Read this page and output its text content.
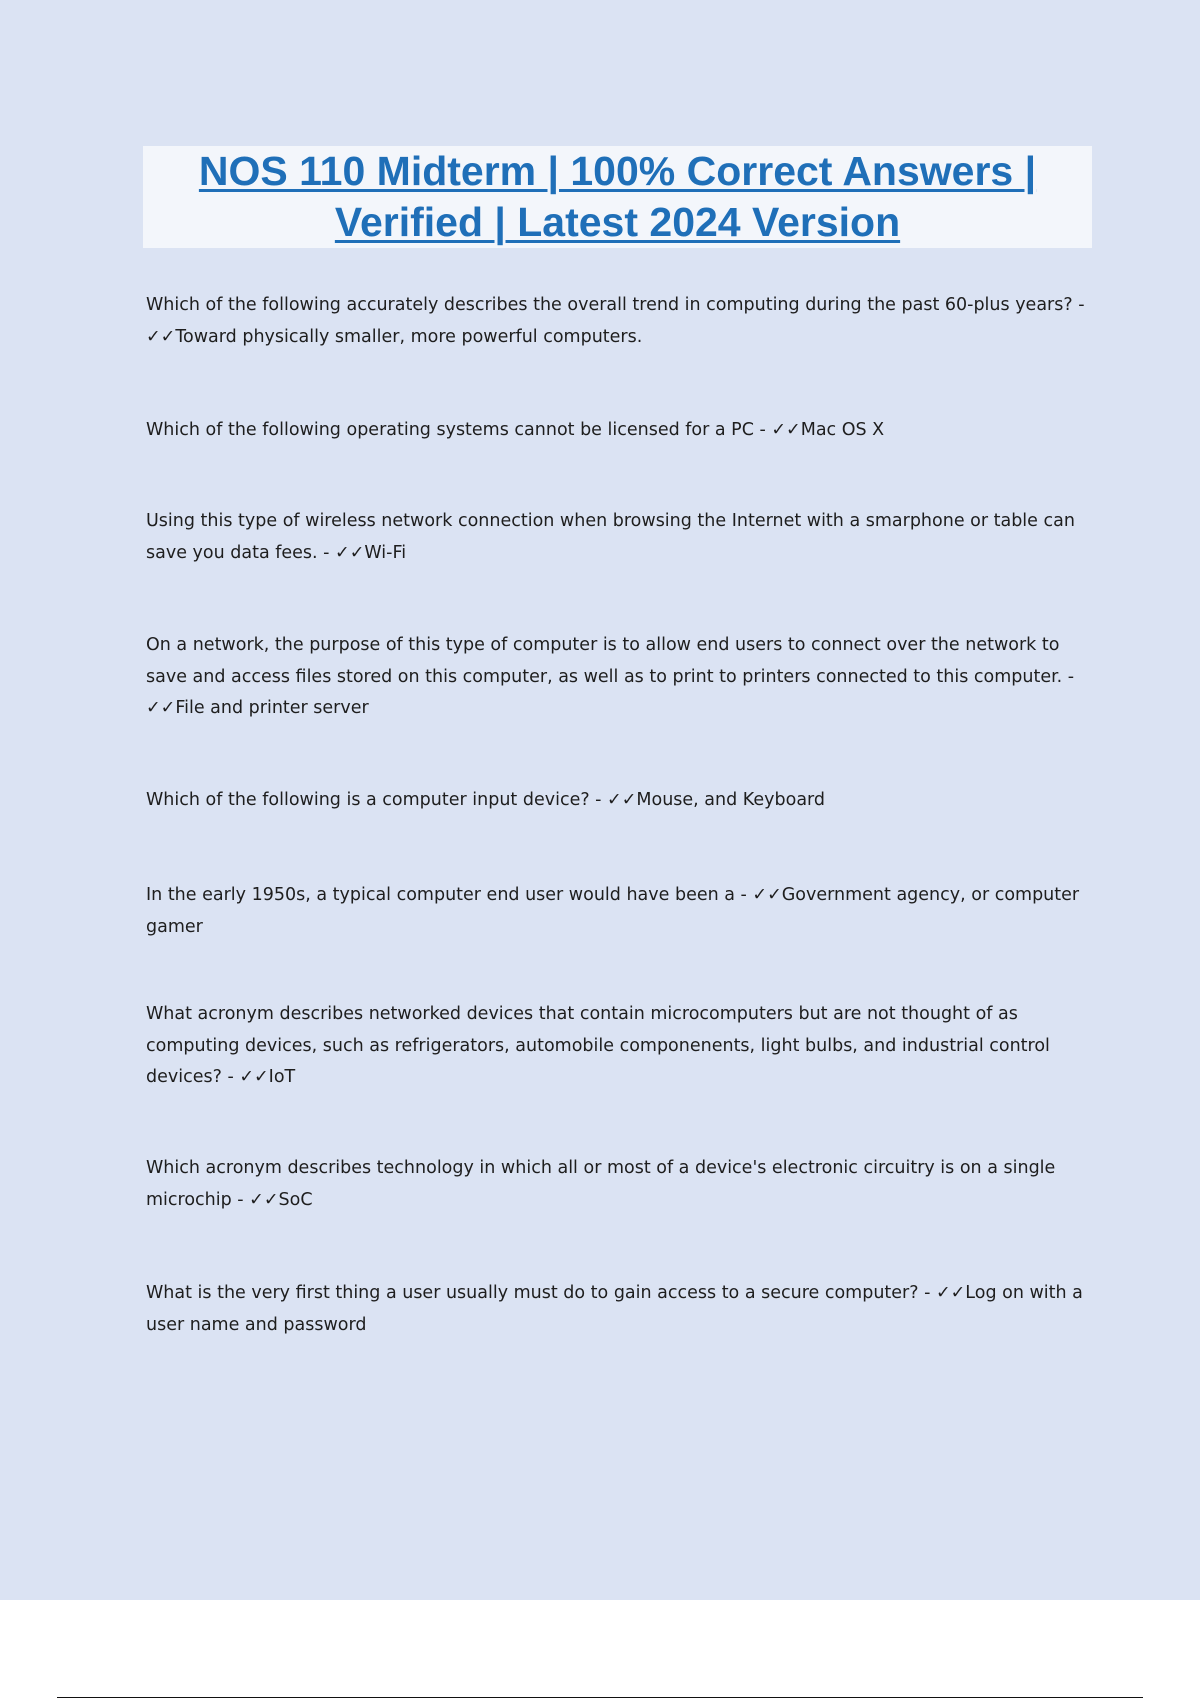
NOS 110 Midterm | 100% Correct Answers |
Verified | Latest 2024 Version

Which of the following accurately describes the overall trend in computing during the past 60-plus years? - ✓✓Toward physically smaller, more powerful computers.

Which of the following operating systems cannot be licensed for a PC - ✓✓Mac OS X

Using this type of wireless network connection when browsing the Internet with a smarphone or table can save you data fees. - ✓✓Wi-Fi

On a network, the purpose of this type of computer is to allow end users to connect over the network to save and access files stored on this computer, as well as to print to printers connected to this computer. - ✓✓File and printer server

Which of the following is a computer input device? - ✓✓Mouse, and Keyboard

In the early 1950s, a typical computer end user would have been a - ✓✓Government agency, or computer gamer

What acronym describes networked devices that contain microcomputers but are not thought of as computing devices, such as refrigerators, automobile componenents, light bulbs, and industrial control devices? - ✓✓IoT

Which acronym describes technology in which all or most of a device's electronic circuitry is on a single microchip - ✓✓SoC

What is the very first thing a user usually must do to gain access to a secure computer? - ✓✓Log on with a user name and password
